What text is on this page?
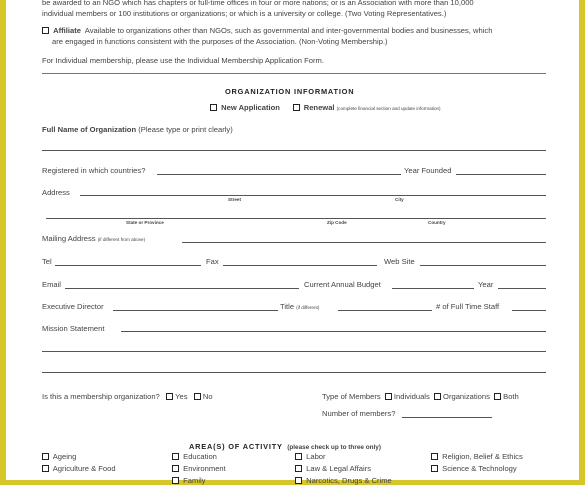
be awarded to an NGO which has chapters or full-time offices in four or more nations; or is an Association with more than 10,000
individual members or 100 institutions or organizations; or which is a university or college. (Two Voting Representatives.)
Affiliate Available to organizations other than NGOs, such as governmental and inter-governmental bodies and businesses, which
are engaged in functions consistent with the purposes of the Association. (Non-Voting Membership.)
For Individual membership, please use the Individual Membership Application Form.
ORGANIZATION INFORMATION
New Application	Renewal (complete financial section and update information)
Full Name of Organization (Please type or print clearly)
Registered in which countries?	Year Founded
Address
Street	City
State or Province	Zip Code	Country
Mailing Address (if different from above)
Tel	Fax	Web Site
Email	Current Annual Budget	Year
Executive Director	Title (if different)	# of Full Time Staff
Mission Statement
Is this a membership organization? Yes No	Type of Members Individuals Organizations Both
Number of members?
AREA(S) OF ACTIVITY (please check up to three only)
Ageing
Agriculture & Food
Education
Environment
Family
Labor
Law & Legal Affairs
Narcotics, Drugs & Crime
Religion, Belief & Ethics
Science & Technology
